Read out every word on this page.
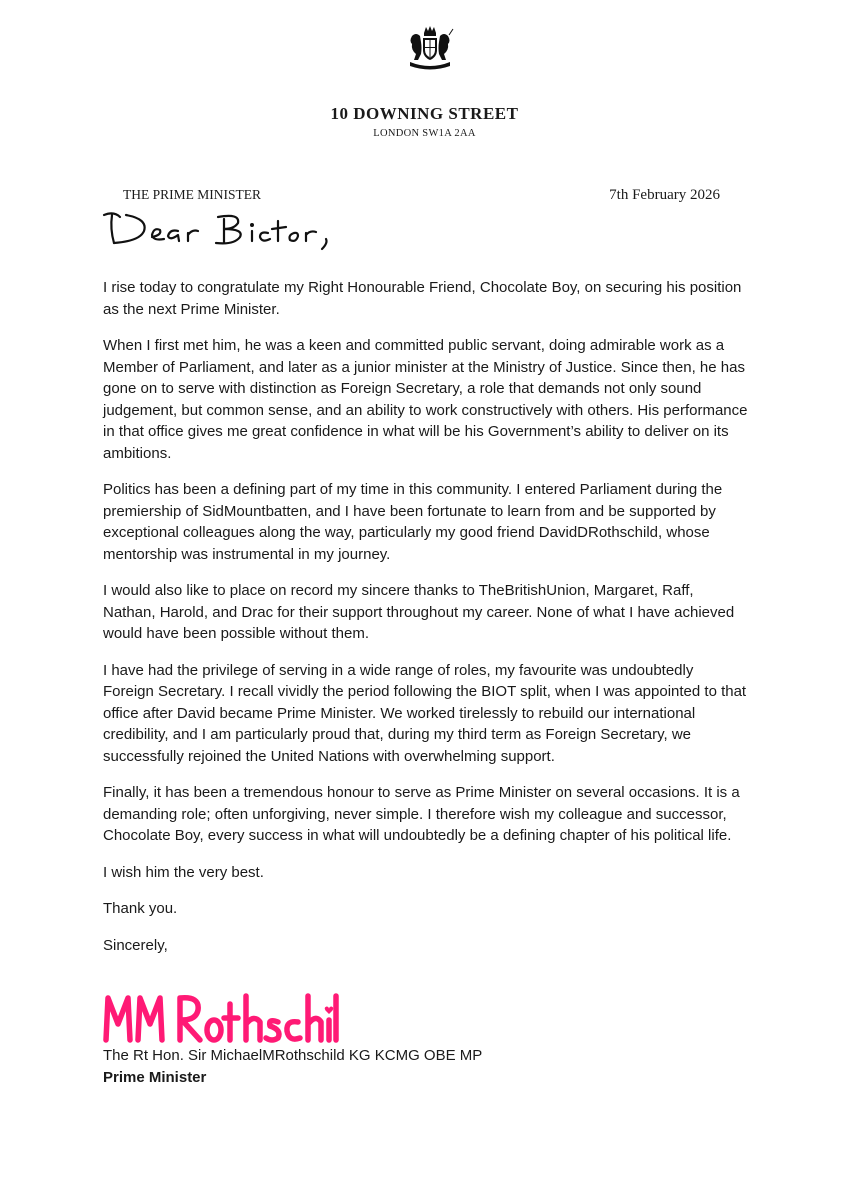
10 DOWNING STREET
LONDON SW1A 2AA
THE PRIME MINISTER	7th February 2026

I rise today to congratulate my Right Honourable Friend, Chocolate Boy, on securing his position as the next Prime Minister.

When I first met him, he was a keen and committed public servant, doing admirable work as a Member of Parliament, and later as a junior minister at the Ministry of Justice. Since then, he has gone on to serve with distinction as Foreign Secretary, a role that demands not only sound judgement, but common sense, and an ability to work constructively with others. His performance in that office gives me great confidence in what will be his Government’s ability to deliver on its ambitions.

Politics has been a defining part of my time in this community. I entered Parliament during the premiership of SidMountbatten, and I have been fortunate to learn from and be supported by exceptional colleagues along the way, particularly my good friend DavidDRothschild, whose mentorship was instrumental in my journey.

I would also like to place on record my sincere thanks to TheBritishUnion, Margaret, Raff, Nathan, Harold, and Drac for their support throughout my career. None of what I have achieved would have been possible without them.

I have had the privilege of serving in a wide range of roles, my favourite was undoubtedly Foreign Secretary. I recall vividly the period following the BIOT split, when I was appointed to that office after David became Prime Minister. We worked tirelessly to rebuild our international credibility, and I am particularly proud that, during my third term as Foreign Secretary, we successfully rejoined the United Nations with overwhelming support.

Finally, it has been a tremendous honour to serve as Prime Minister on several occasions. It is a demanding role; often unforgiving, never simple. I therefore wish my colleague and successor, Chocolate Boy, every success in what will undoubtedly be a defining chapter of his political life.

I wish him the very best.

Thank you.

Sincerely,

The Rt Hon. Sir MichaelMRothschild KG KCMG OBE MP
Prime Minister
